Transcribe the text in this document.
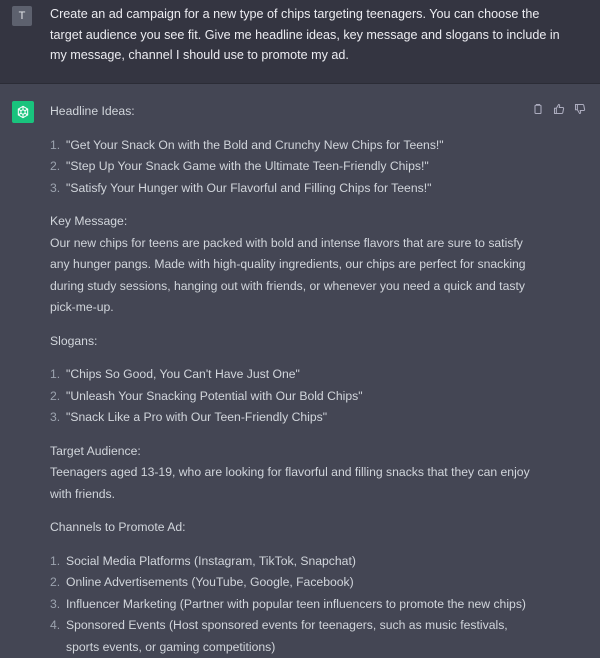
T	Create an ad campaign for a new type of chips targeting teenagers. You can choose the target audience you see fit. Give me headline ideas, key message and slogans to include in my message, channel I should use to promote my ad.

Headline Ideas:

1. "Get Your Snack On with the Bold and Crunchy New Chips for Teens!"
2. "Step Up Your Snack Game with the Ultimate Teen-Friendly Chips!"
3. "Satisfy Your Hunger with Our Flavorful and Filling Chips for Teens!"

Key Message:

Our new chips for teens are packed with bold and intense flavors that are sure to satisfy any hunger pangs. Made with high-quality ingredients, our chips are perfect for snacking during study sessions, hanging out with friends, or whenever you need a quick and tasty pick-me-up.

Slogans:

1. "Chips So Good, You Can't Have Just One"
2. "Unleash Your Snacking Potential with Our Bold Chips"
3. "Snack Like a Pro with Our Teen-Friendly Chips"

Target Audience:

Teenagers aged 13-19, who are looking for flavorful and filling snacks that they can enjoy with friends.

Channels to Promote Ad:

1. Social Media Platforms (Instagram, TikTok, Snapchat)
2. Online Advertisements (YouTube, Google, Facebook)
3. Influencer Marketing (Partner with popular teen influencers to promote the new chips)
4. Sponsored Events (Host sponsored events for teenagers, such as music festivals, sports events, or gaming competitions)
